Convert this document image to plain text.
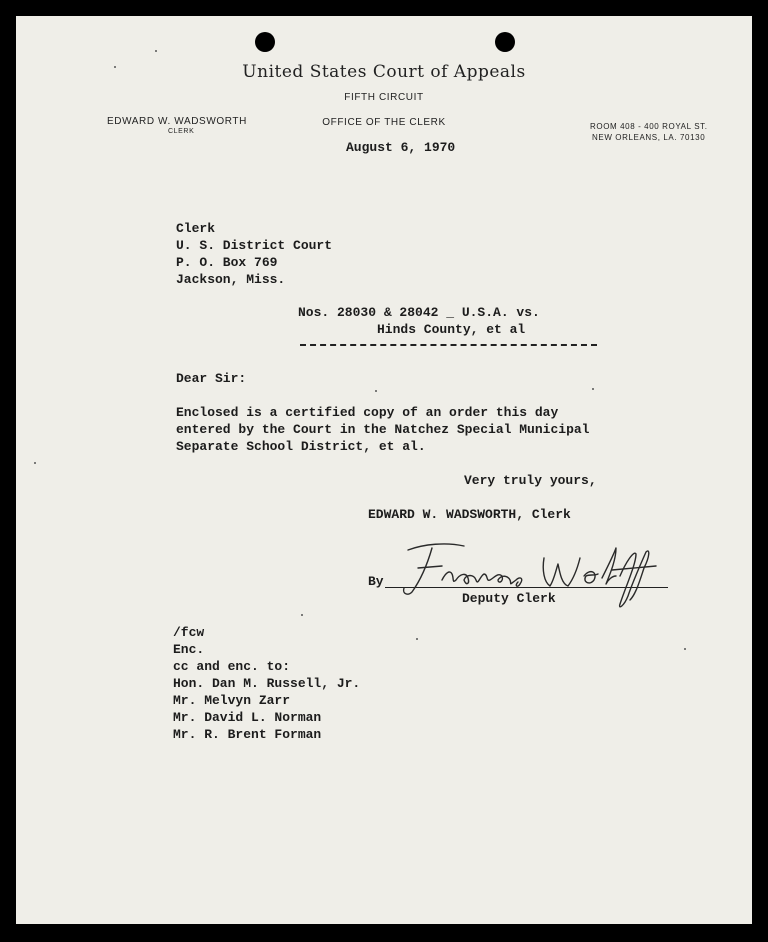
United States Court of Appeals
FIFTH CIRCUIT
OFFICE OF THE CLERK
EDWARD W. WADSWORTH
CLERK
ROOM 408 - 400 ROYAL ST.
NEW ORLEANS, LA. 70130
August 6, 1970
Clerk
U. S. District Court
P. O. Box 769
Jackson, Miss.
Nos. 28030 & 28042 _ U.S.A. vs.
Hinds County, et al
Dear Sir:
Enclosed is a certified copy of an order this day
entered by the Court in the Natchez Special Municipal
Separate School District, et al.
Very truly yours,
EDWARD W. WADSWORTH, Clerk
By
Deputy Clerk
/fcw
Enc.
cc and enc. to:
Hon. Dan M. Russell, Jr.
Mr. Melvyn Zarr
Mr. David L. Norman
Mr. R. Brent Forman
